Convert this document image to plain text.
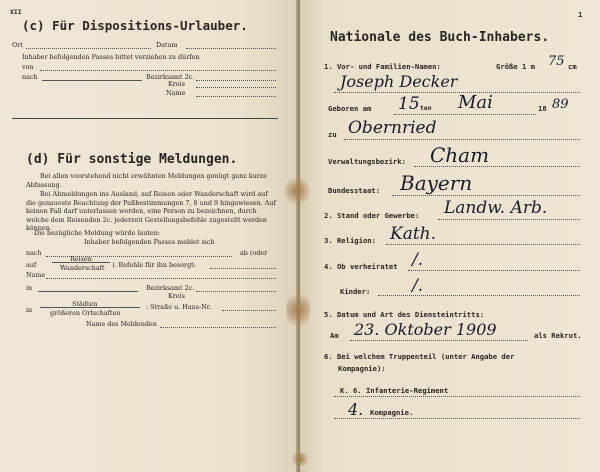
XII
(c) Für Dispositions-Urlauber.
Ort	Datum
Inhaber befolgenden Passes bittet verziehen zu dürfen
von
nach	Bezirksamt 2c.
Kreis
Name
(d) Für sonstige Meldungen.
Bei allen voorstehend nicht erwähnten Meldungen genügt ganz kurze Abfassung.
Bei Abmeldungen ins Ausland, auf Reisen oder Wanderschaft wird auf die genaueste Beachtung der Paßbestimmungen 7, 8 und 9 hingewiesen. Auf keinen Fall darf unterlassen werden, eine Person zu bezeichnen, durch welche dem Reisenden 2c. jederzeit Gestellungsbefehle zugestellt werden können.
Die bezügliche Meldung würde lauten:
Inhaber befolgenden Passes meldet sich
nach	ab (oder
auf
Reisen
Wanderschaft ). Befehle für ihn besorgt:
Name
in	Bezirksamt 2c.
Kreis
in
Städten
größeren Ortschaften
: Straße u. Haus-Nr.
Name des Meldenden
1
Nationale des Buch-Inhabers.
1. Vor- und Familien-Namen:	Größe 1 m 75 cm
Joseph Decker
Geboren am 15 ten Mai	18 89
zu Obernried
Verwaltungsbezirk: Cham
Bundesstaat: Bayern
2. Stand oder Gewerbe: Landw. Arb.
3. Religion: Kath.
4. Ob verheiratet /.
Kinder: /.
5. Datum und Art des Diensteintritts:
Am 23. Oktober 1909	als Rekrut.
6. Bei welchem Truppenteil (unter Angabe der
Kompagnie):
K. 6. Infanterie-Regiment
4. Kompagnie.
